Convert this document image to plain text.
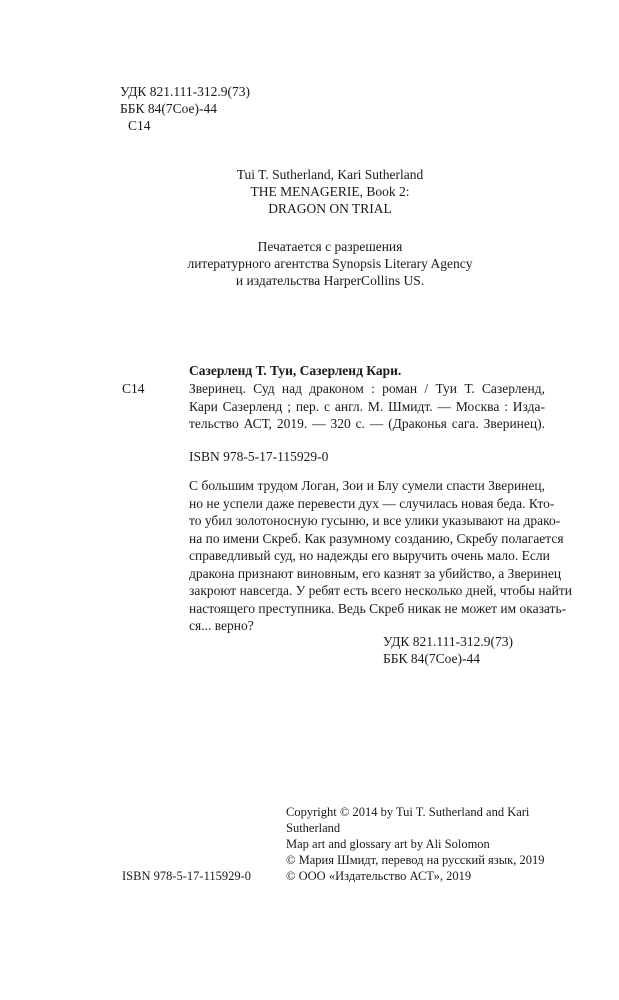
УДК 821.111-312.9(73)
ББК 84(7Сое)-44
С14
Tui T. Sutherland, Kari Sutherland
THE MENAGERIE, Book 2:
DRAGON ON TRIAL
Печатается с разрешения
литературного агентства Synopsis Literary Agency
и издательства HarperCollins US.
Сазерленд Т. Туи, Сазерленд Кари.
С14	Зверинец. Суд над драконом : роман / Туи Т. Сазерленд,
Кари Сазерленд ; пер. с англ. М. Шмидт. — Москва : Изда-
тельство АСТ, 2019. — 320 с. — (Драконья сага. Зверинец).
ISBN 978-5-17-115929-0
С большим трудом Логан, Зои и Блу сумели спасти Зверинец,
но не успели даже перевести дух — случилась новая беда. Кто-
то убил золотоносную гусыню, и все улики указывают на драко-
на по имени Скреб. Как разумному созданию, Скребу полагается
справедливый суд, но надежды его выручить очень мало. Если
дракона признают виновным, его казнят за убийство, а Зверинец
закроют навсегда. У ребят есть всего несколько дней, чтобы найти
настоящего преступника. Ведь Скреб никак не может им оказать-
ся... верно?
УДК 821.111-312.9(73)
ББК 84(7Сое)-44
Copyright © 2014 by Tui T. Sutherland and Kari
Sutherland
Map art and glossary art by Ali Solomon
© Мария Шмидт, перевод на русский язык, 2019
© ООО «Издательство АСТ», 2019
ISBN 978-5-17-115929-0
